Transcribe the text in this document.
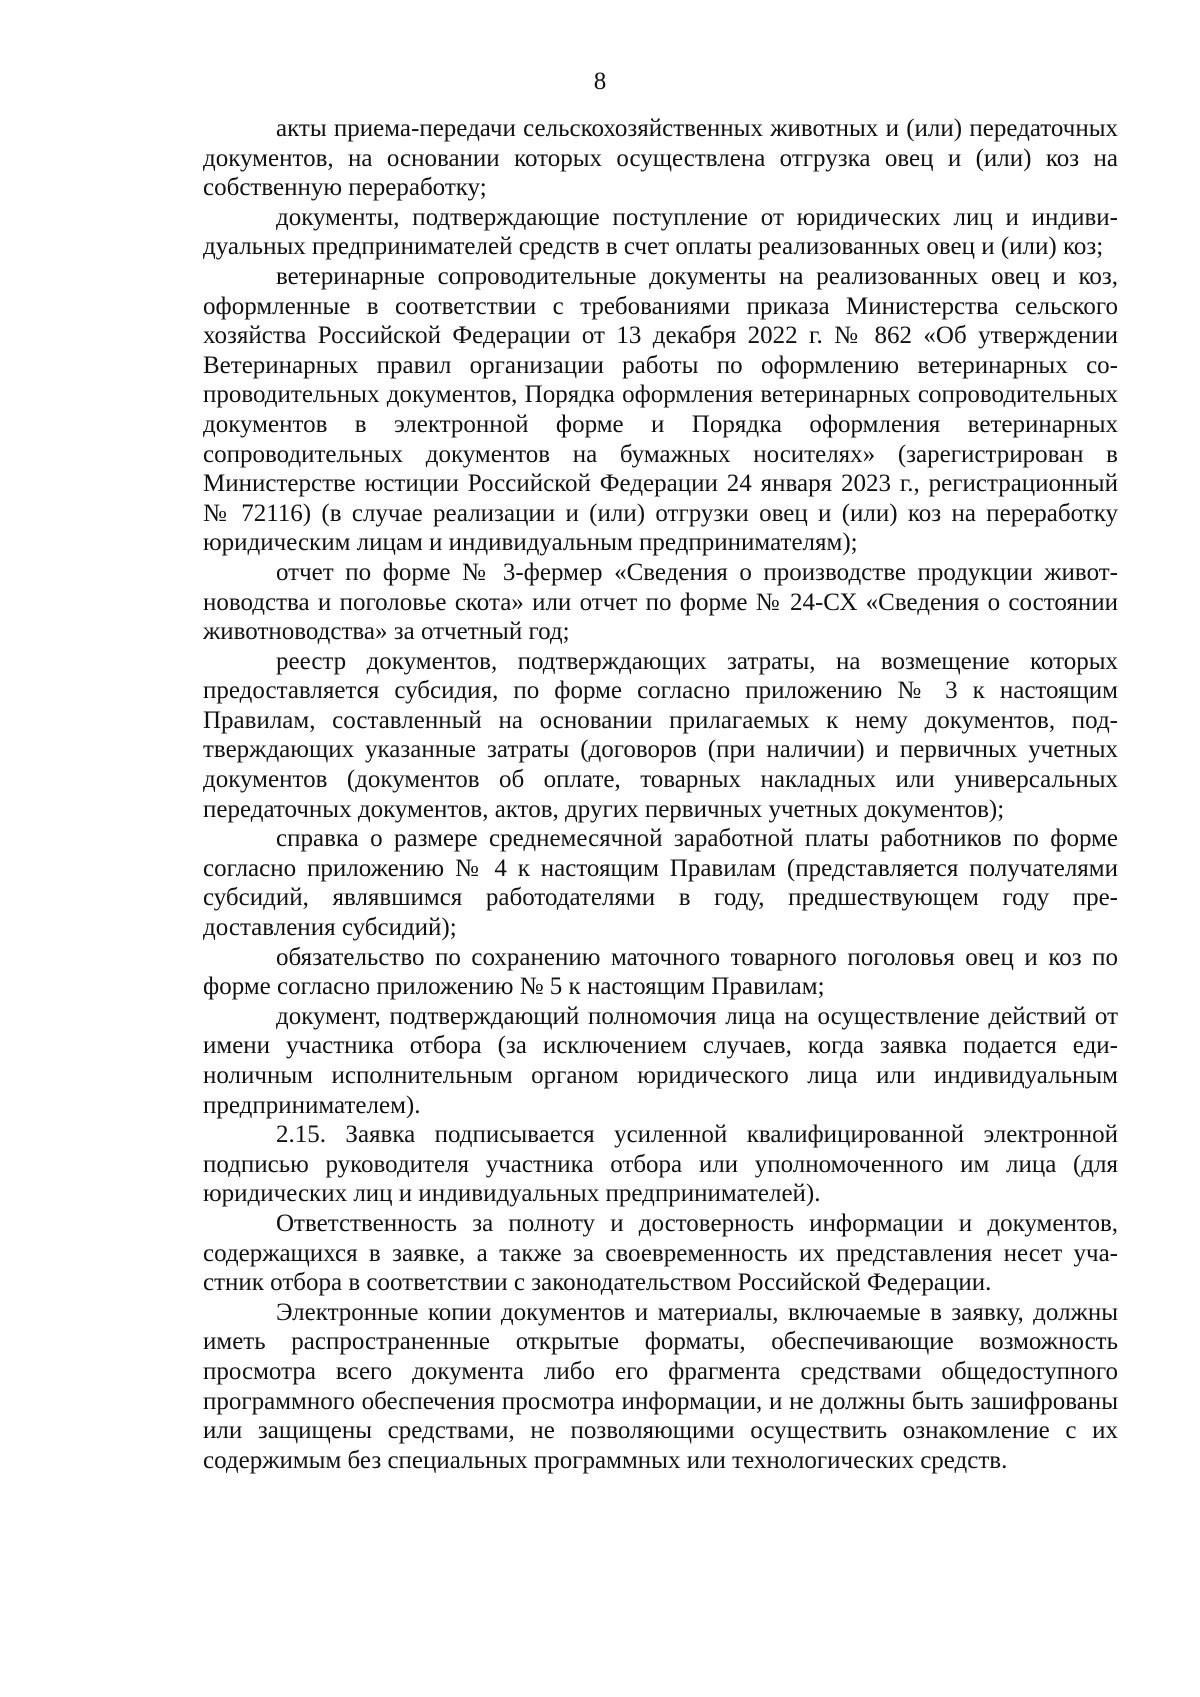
8

акты приема-передачи сельскохозяйственных животных и (или) передаточных документов, на основании которых осуществлена отгрузка овец и (или) коз на собственную переработку;

документы, подтверждающие поступление от юридических лиц и индивидуальных предпринимателей средств в счет оплаты реализованных овец и (или) коз;

ветеринарные сопроводительные документы на реализованных овец и коз, оформленные в соответствии с требованиями приказа Министерства сельского хозяйства Российской Федерации от 13 декабря 2022 г. № 862 «Об утверждении Ветеринарных правил организации работы по оформлению ветеринарных сопроводительных документов, Порядка оформления ветеринарных сопроводительных документов в электронной форме и Порядка оформления ветеринарных сопроводительных документов на бумажных носителях» (зарегистрирован в Министерстве юстиции Российской Федерации 24 января 2023 г., регистрационный № 72116) (в случае реализации и (или) отгрузки овец и (или) коз на переработку юридическим лицам и индивидуальным предпринимателям);

отчет по форме № 3-фермер «Сведения о производстве продукции животноводства и поголовье скота» или отчет по форме № 24-СХ «Сведения о состоянии животноводства» за отчетный год;

реестр документов, подтверждающих затраты, на возмещение которых предоставляется субсидия, по форме согласно приложению № 3 к настоящим Правилам, составленный на основании прилагаемых к нему документов, подтверждающих указанные затраты (договоров (при наличии) и первичных учетных документов (документов об оплате, товарных накладных или универсальных передаточных документов, актов, других первичных учетных документов);

справка о размере среднемесячной заработной платы работников по форме согласно приложению № 4 к настоящим Правилам (представляется получателями субсидий, являвшимся работодателями в году, предшествующем году предоставления субсидий);

обязательство по сохранению маточного товарного поголовья овец и коз по форме согласно приложению № 5 к настоящим Правилам;

документ, подтверждающий полномочия лица на осуществление действий от имени участника отбора (за исключением случаев, когда заявка подается единоличным исполнительным органом юридического лица или индивидуальным предпринимателем).

2.15. Заявка подписывается усиленной квалифицированной электронной подписью руководителя участника отбора или уполномоченного им лица (для юридических лиц и индивидуальных предпринимателей).

Ответственность за полноту и достоверность информации и документов, содержащихся в заявке, а также за своевременность их представления несет участник отбора в соответствии с законодательством Российской Федерации.

Электронные копии документов и материалы, включаемые в заявку, должны иметь распространенные открытые форматы, обеспечивающие возможность просмотра всего документа либо его фрагмента средствами общедоступного программного обеспечения просмотра информации, и не должны быть зашифрованы или защищены средствами, не позволяющими осуществить ознакомление с их содержимым без специальных программных или технологических средств.
